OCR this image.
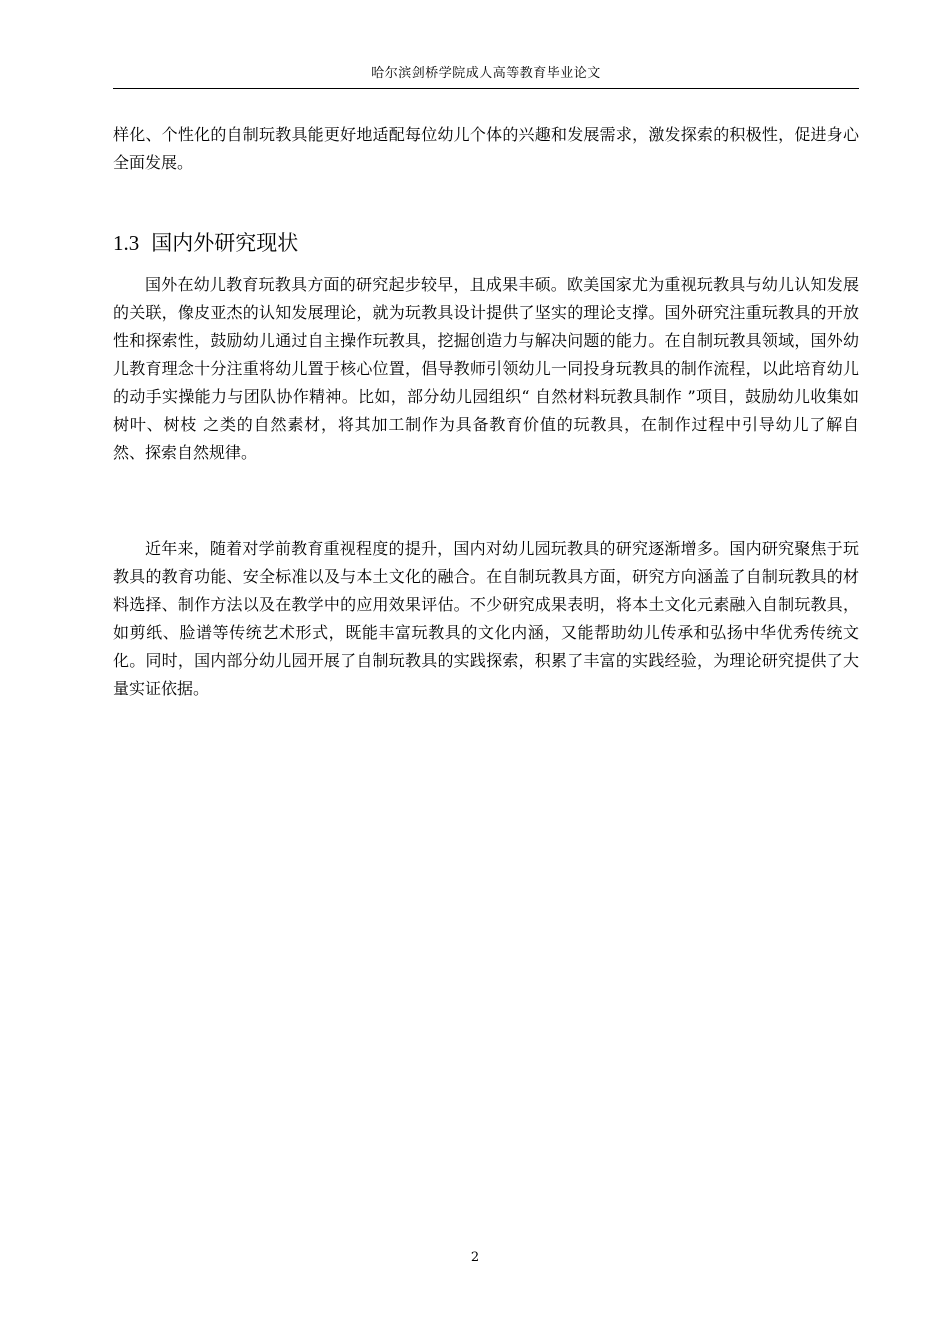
哈尔滨剑桥学院成人高等教育毕业论文

样化、个性化的自制玩教具能更好地适配每位幼儿个体的兴趣和发展需求，激发探索的积极性，促进身心全面发展。

1.3 国内外研究现状

国外在幼儿教育玩教具方面的研究起步较早，且成果丰硕。欧美国家尤为重视玩教具与幼儿认知发展的关联，像皮亚杰的认知发展理论，就为玩教具设计提供了坚实的理论支撑。国外研究注重玩教具的开放性和探索性，鼓励幼儿通过自主操作玩教具，挖掘创造力与解决问题的能力。在自制玩教具领域，国外幼儿教育理念十分注重将幼儿置于核心位置，倡导教师引领幼儿一同投身玩教具的制作流程，以此培育幼儿的动手实操能力与团队协作精神。比如，部分幼儿园组织“ 自然材料玩教具制作 ”项目，鼓励幼儿收集如树叶、树枝 之类的自然素材，将其加工制作为具备教育价值的玩教具，在制作过程中引导幼儿了解自 然、探索自然规律。

近年来，随着对学前教育重视程度的提升，国内对幼儿园玩教具的研究逐渐增多。国内研究聚焦于玩教具的教育功能、安全标准以及与本土文化的融合。在自制玩教具方面，研究方向涵盖了自制玩教具的材料选择、制作方法以及在教学中的应用效果评估。不少研究成果表明，将本土文化元素融入自制玩教具，如剪纸、脸谱等传统艺术形式，既能丰富玩教具的文化内涵，又能帮助幼儿传承和弘扬中华优秀传统文化。同时，国内部分幼儿园开展了自制玩教具的实践探索，积累了丰富的实践经验，为理论研究提供了大量实证依据。

2
